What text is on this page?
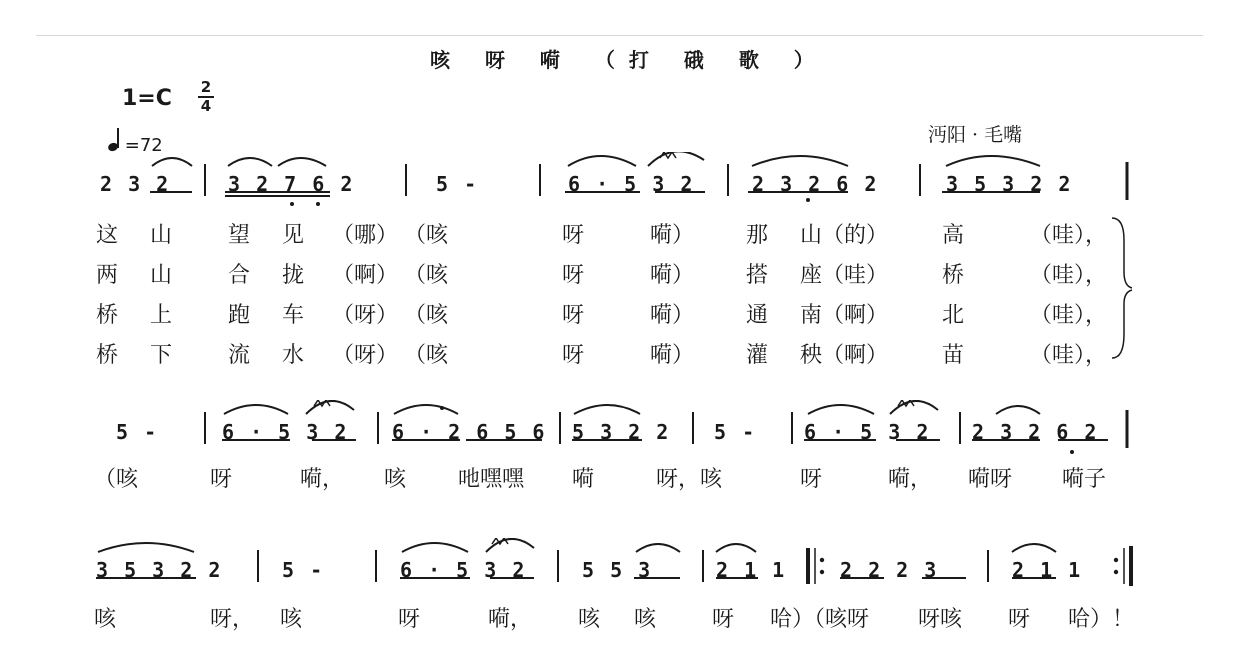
咳 呀 嗬 （打 硪 歌 ）
1=C	2
4
=72	沔阳 · 毛嘴
2 3 2	3 2 7 6 2	5 -	6 · 5 3 2	2 3 2 6 2	3 5 3 2 2
这 山	望 见 （哪） （咳	呀	嗬） 那 山（的） 高	（哇），
两 山	合 拢 （啊） （咳	呀	嗬） 搭 座（哇） 桥	（哇），
桥 上	跑 车 （呀） （咳	呀	嗬） 通 南（啊） 北	（哇），
桥 下	流 水 （呀） （咳	呀	嗬） 灌 秧（啊） 苗	（哇），
5 -	6 · 5 3 2 6 · 2 6 5 6 5 3 2 2 5 - 6 · 5 3 2 2 3 2 6 2
（咳	呀	嗬， 咳 吔嘿嘿 嗬	呀，咳	呀	嗬， 嗬呀 嗬子
3 5 3 2 2	5 -	6 · 5 3 2	5 5 3	2 1 1	2 2 2 3	2 1 1
咳	呀， 咳	呀	嗬， 咳 咳	呀 哈）（咳呀 呀咳 呀 哈）！
